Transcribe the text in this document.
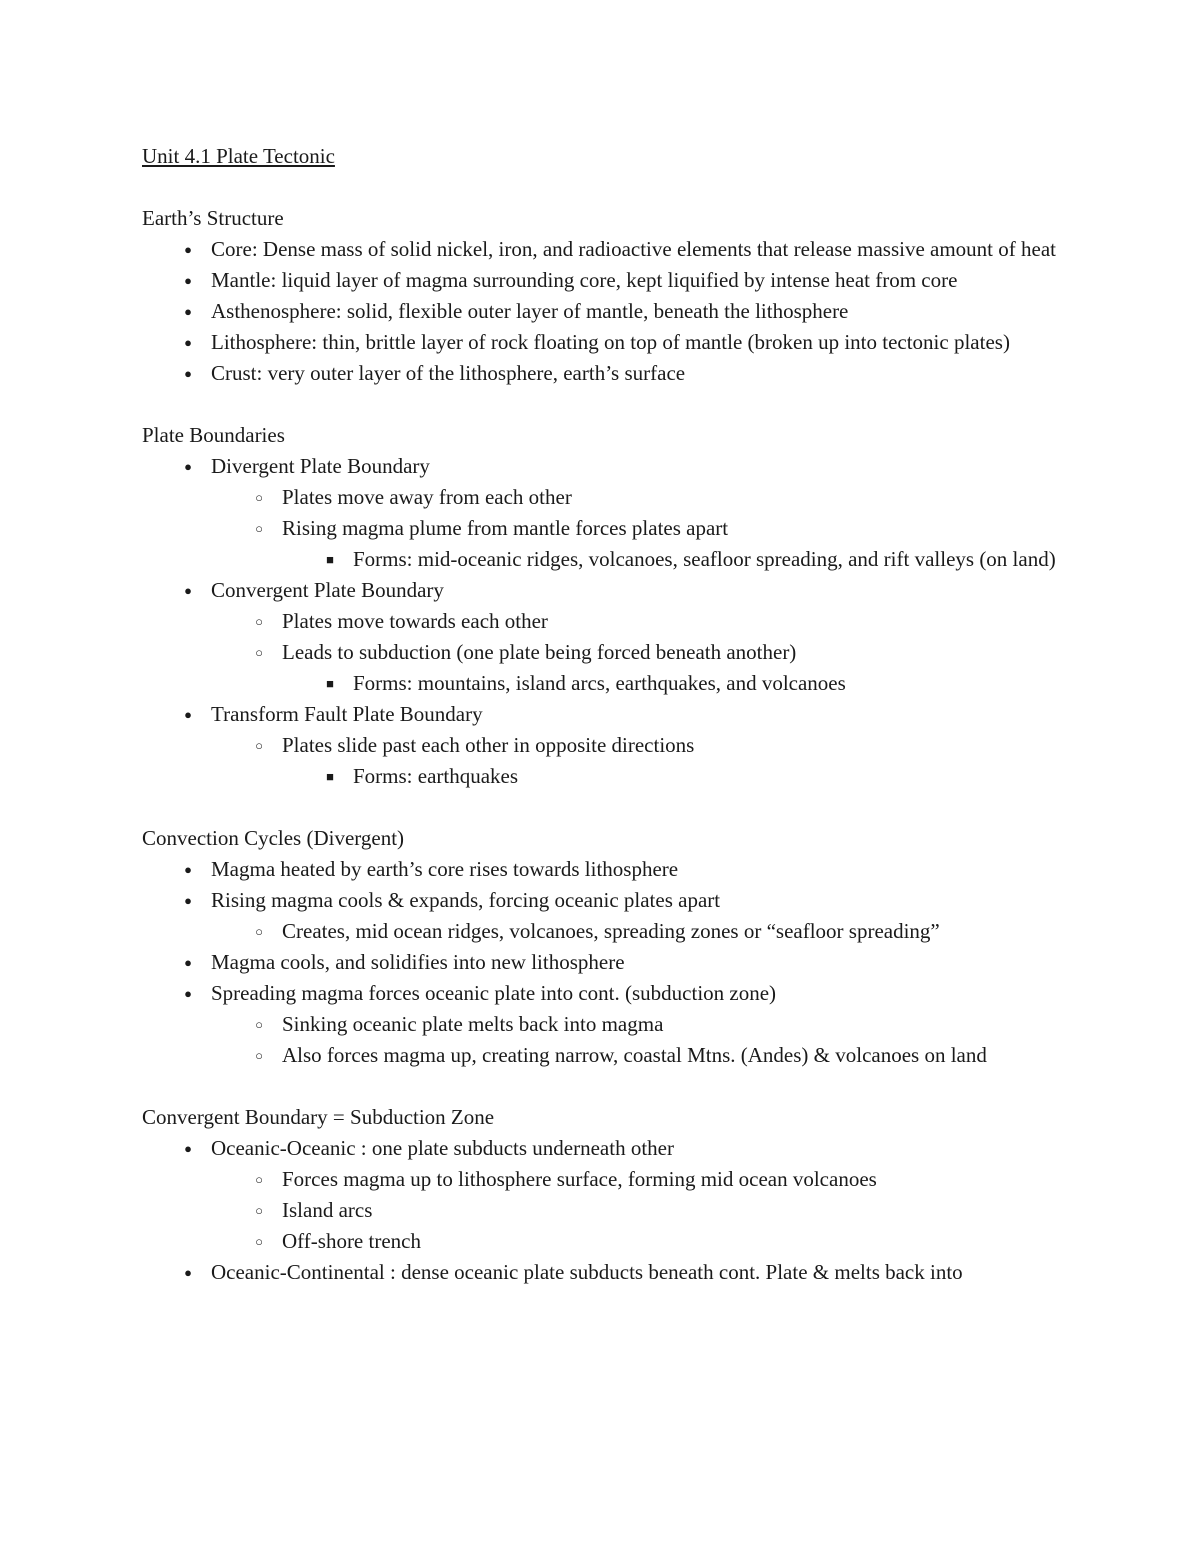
Unit 4.1 Plate Tectonic
Earth’s Structure
● Core: Dense mass of solid nickel, iron, and radioactive elements that release massive amount of heat
● Mantle: liquid layer of magma surrounding core, kept liquified by intense heat from core
● Asthenosphere: solid, flexible outer layer of mantle, beneath the lithosphere
● Lithosphere: thin, brittle layer of rock floating on top of mantle (broken up into tectonic plates)
● Crust: very outer layer of the lithosphere, earth’s surface
Plate Boundaries
● Divergent Plate Boundary
○ Plates move away from each other
○ Rising magma plume from mantle forces plates apart
■ Forms: mid-oceanic ridges, volcanoes, seafloor spreading, and rift valleys (on land)
● Convergent Plate Boundary
○ Plates move towards each other
○ Leads to subduction (one plate being forced beneath another)
■ Forms: mountains, island arcs, earthquakes, and volcanoes
● Transform Fault Plate Boundary
○ Plates slide past each other in opposite directions
■ Forms: earthquakes
Convection Cycles (Divergent)
● Magma heated by earth’s core rises towards lithosphere
● Rising magma cools & expands, forcing oceanic plates apart
○ Creates, mid ocean ridges, volcanoes, spreading zones or “seafloor spreading”
● Magma cools, and solidifies into new lithosphere
● Spreading magma forces oceanic plate into cont. (subduction zone)
○ Sinking oceanic plate melts back into magma
○ Also forces magma up, creating narrow, coastal Mtns. (Andes) & volcanoes on land
Convergent Boundary = Subduction Zone
● Oceanic-Oceanic : one plate subducts underneath other
○ Forces magma up to lithosphere surface, forming mid ocean volcanoes
○ Island arcs
○ Off-shore trench
● Oceanic-Continental : dense oceanic plate subducts beneath cont. Plate & melts back into
